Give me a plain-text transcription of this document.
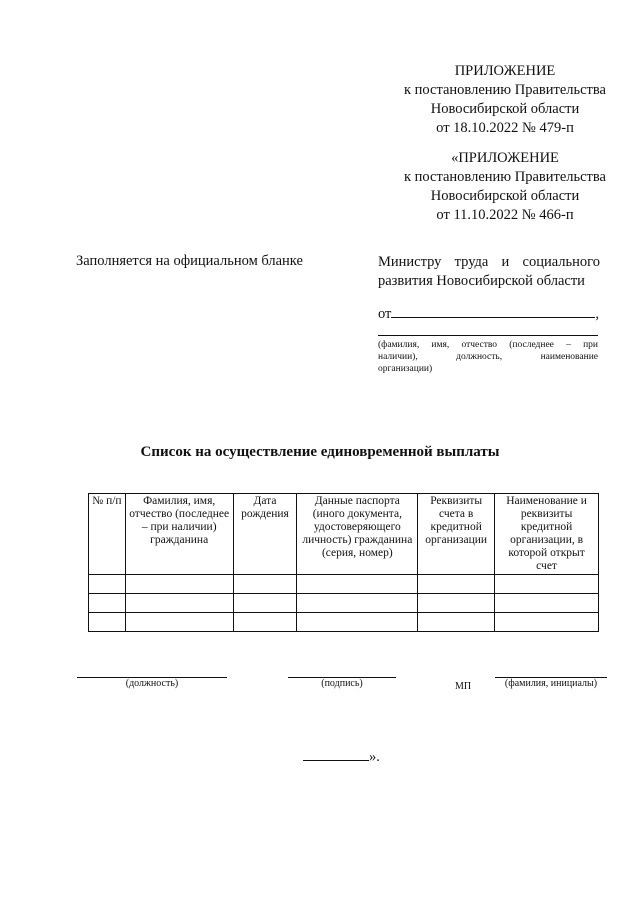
ПРИЛОЖЕНИЕ
к постановлению Правительства
Новосибирской области
от 18.10.2022 № 479-п
«ПРИЛОЖЕНИЕ
к постановлению Правительства
Новосибирской области
от 11.10.2022 № 466-п
Заполняется на официальном бланке	Министру труда и социального
развития Новосибирской области
от	,
(фамилия, имя, отчество (последнее – при
наличии), должность, наименование
организации)
Список на осуществление единовременной выплаты
№ п/п	Фамилия, имя, отчество (последнее – при наличии) гражданина	Дата рождения	Данные паспорта (иного документа, удостоверяющего личность) гражданина (серия, номер)	Реквизиты счета в кредитной организации	Наименование и реквизиты кредитной организации, в которой открыт счет

(должность)	(подпись)	МП	(фамилия, инициалы)
».
